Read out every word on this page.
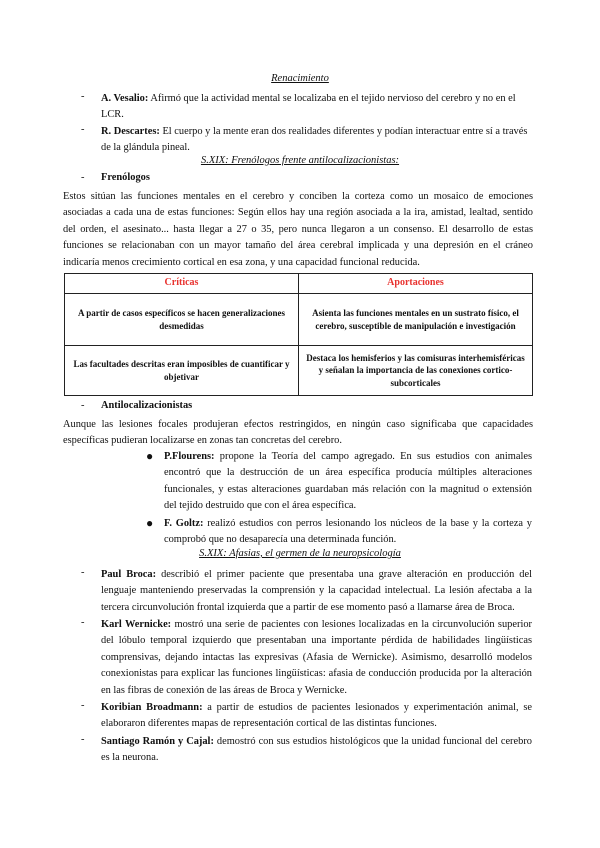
Renacimiento
- A. Vesalio: Afirmó que la actividad mental se localizaba en el tejido nervioso del cerebro y no en el LCR.
- R. Descartes: El cuerpo y la mente eran dos realidades diferentes y podían interactuar entre sí a través de la glándula pineal.
S.XIX: Frenólogos frente antilocalizacionistas:
- Frenólogos
Estos sitúan las funciones mentales en el cerebro y conciben la corteza como un mosaico de emociones asociadas a cada una de estas funciones: Según ellos hay una región asociada a la ira, amistad, lealtad, sentido del orden, el asesinato... hasta llegar a 27 o 35, pero nunca llegaron a un consenso. El desarrollo de estas funciones se relacionaban con un mayor tamaño del área cerebral implicada y una depresión en el cráneo indicaría menos crecimiento cortical en esa zona, y una capacidad funcional reducida.
Críticas	Aportaciones
A partir de casos específicos se hacen generalizaciones desmedidas	Asienta las funciones mentales en un sustrato físico, el cerebro, susceptible de manipulación e investigación
Las facultades descritas eran imposibles de cuantificar y objetivar	Destaca los hemisferios y las comisuras interhemisféricas y señalan la importancia de las conexiones cortico-subcorticales
- Antilocalizacionistas
Aunque las lesiones focales produjeran efectos restringidos, en ningún caso significaba que capacidades específicas pudieran localizarse en zonas tan concretas del cerebro.
● P.Flourens: propone la Teoría del campo agregado. En sus estudios con animales encontró que la destrucción de un área específica producía múltiples alteraciones funcionales, y estas alteraciones guardaban más relación con la magnitud o extensión del tejido destruido que con el área específica.
● F. Goltz: realizó estudios con perros lesionando los núcleos de la base y la corteza y comprobó que no desaparecía una determinada función.
S.XIX: Afasias, el germen de la neuropsicología
- Paul Broca: describió el primer paciente que presentaba una grave alteración en producción del lenguaje manteniendo preservadas la comprensión y la capacidad intelectual. La lesión afectaba a la tercera circunvolución frontal izquierda que a partir de ese momento pasó a llamarse área de Broca.
- Karl Wernicke: mostró una serie de pacientes con lesiones localizadas en la circunvolución superior del lóbulo temporal izquierdo que presentaban una importante pérdida de habilidades lingüísticas comprensivas, dejando intactas las expresivas (Afasia de Wernicke). Asimismo, desarrolló modelos conexionistas para explicar las funciones lingüísticas: afasia de conducción producida por la alteración en las fibras de conexión de las áreas de Broca y Wernicke.
- Koribian Broadmann: a partir de estudios de pacientes lesionados y experimentación animal, se elaboraron diferentes mapas de representación cortical de las distintas funciones.
- Santiago Ramón y Cajal: demostró con sus estudios histológicos que la unidad funcional del cerebro es la neurona.
